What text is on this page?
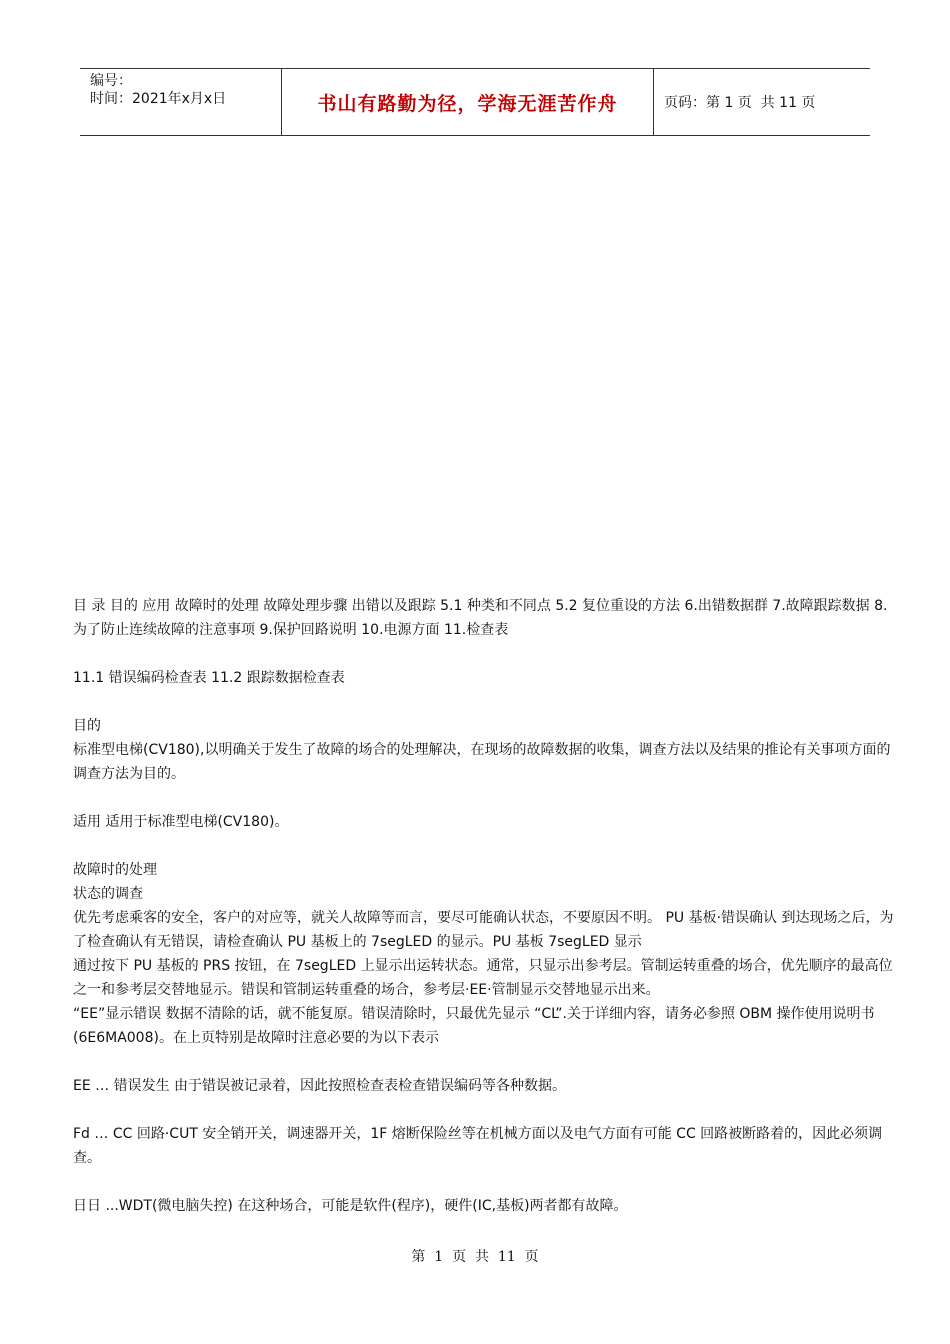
编号：
时间：2021年x月x日	书山有路勤为径，学海无涯苦作舟	页码：第 1 页  共 11 页

目 录 目的 应用 故障时的处理 故障处理步骤 出错以及跟踪 5.1 种类和不同点 5.2 复位重设的方法 6.出错数据群 7.故障跟踪数据 8.为了防止连续故障的注意事项 9.保护回路说明 10.电源方面 11.检查表

11.1 错误编码检查表 11.2 跟踪数据检查表

目的

标准型电梯(CV180),以明确关于发生了故障的场合的处理解决，在现场的故障数据的收集，调查方法以及结果的推论有关事项方面的调查方法为目的。

适用 适用于标准型电梯(CV180)。

故障时的处理

状态的调查

优先考虑乘客的安全，客户的对应等，就关人故障等而言，要尽可能确认状态，不要原因不明。 PU 基板·错误确认 到达现场之后，为了检查确认有无错误，请检查确认 PU 基板上的 7segLED 的显示。PU 基板 7segLED 显示

通过按下 PU 基板的 PRS 按钮，在 7segLED 上显示出运转状态。通常，只显示出参考层。管制运转重叠的场合，优先顺序的最高位之一和参考层交替地显示。错误和管制运转重叠的场合，参考层·EE·管制显示交替地显示出来。

“EE”显示错误 数据不清除的话，就不能复原。错误清除时，只最优先显示 “CL”.关于详细内容，请务必参照 OBM 操作使用说明书(6E6MA008)。在上页特别是故障时注意必要的为以下表示

EE … 错误发生 由于错误被记录着，因此按照检查表检查错误编码等各种数据。

Fd … CC 回路·CUT 安全销开关，调速器开关，1F 熔断保险丝等在机械方面以及电气方面有可能 CC 回路被断路着的，因此必须调查。

日日 ...WDT(微电脑失控) 在这种场合，可能是软件(程序)，硬件(IC,基板)两者都有故障。

第  1  页  共  11  页
